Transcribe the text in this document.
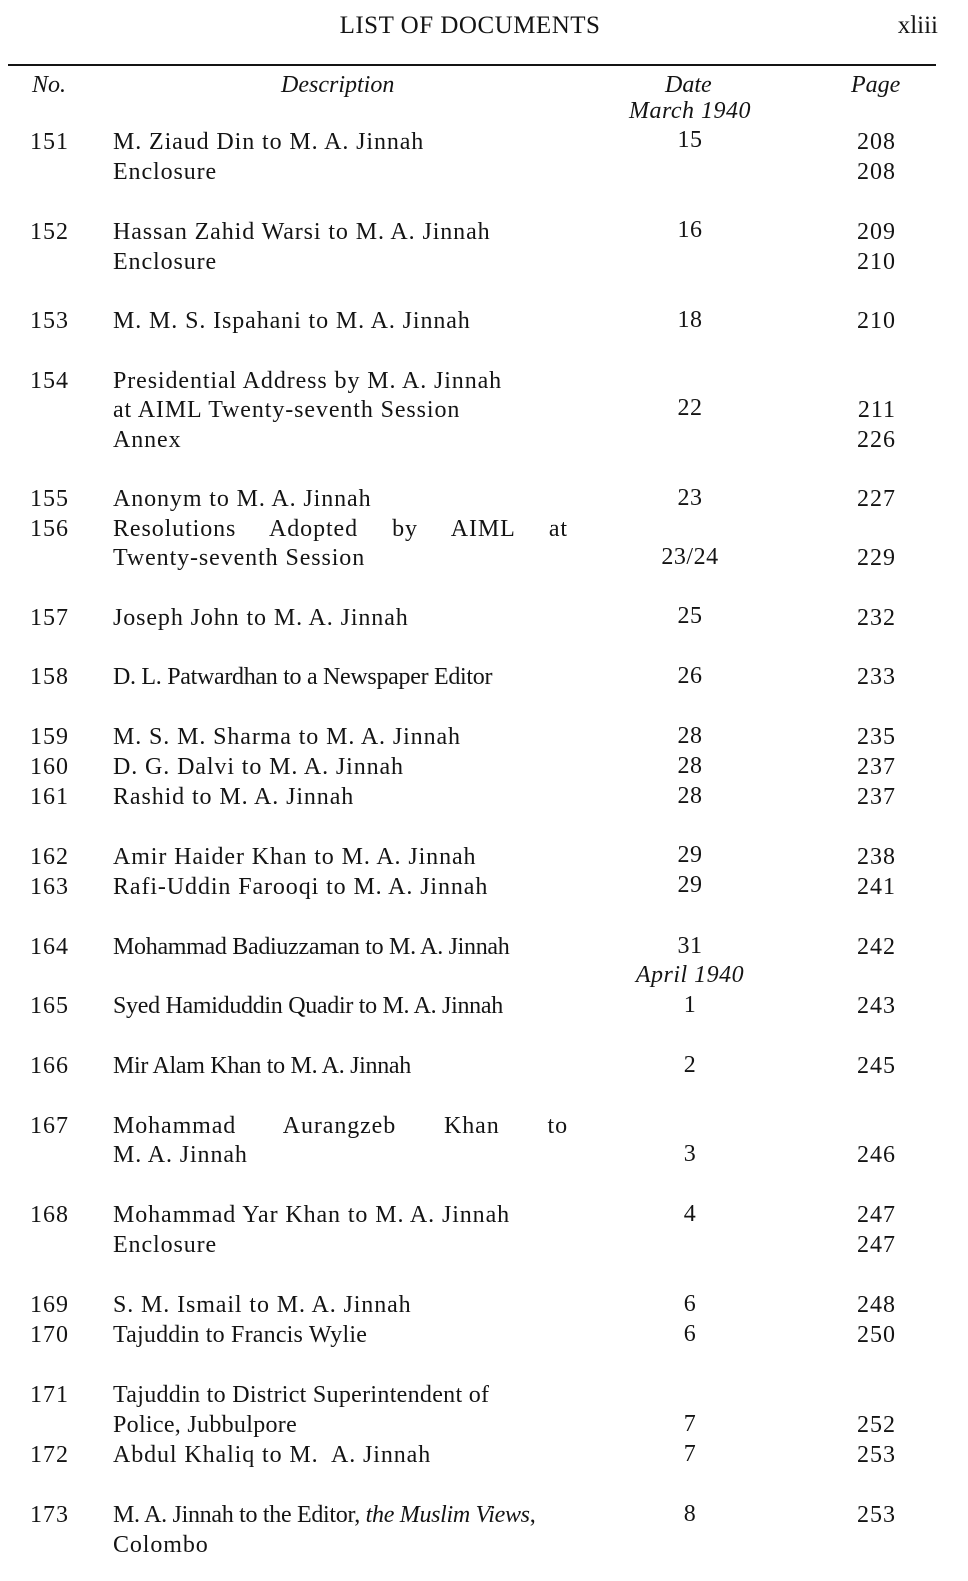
LIST OF DOCUMENTS	xliii
No.	Description	Date	Page
March 1940
151	M. Ziaud Din to M. A. Jinnah	15	208
Enclosure	208
152	Hassan Zahid Warsi to M. A. Jinnah	16	209
Enclosure	210
153	M. M. S. Ispahani to M. A. Jinnah	18	210
154	Presidential Address by M. A. Jinnah
at AIML Twenty-seventh Session	22	211
Annex	226
155	Anonym to M. A. Jinnah	23	227
156	Resolutions Adopted by AIML at
Twenty-seventh Session	23/24	229
157	Joseph John to M. A. Jinnah	25	232
158	D. L. Patwardhan to a Newspaper Editor	26	233
159	M. S. M. Sharma to M. A. Jinnah	28	235
160	D. G. Dalvi to M. A. Jinnah	28	237
161	Rashid to M. A. Jinnah	28	237
162	Amir Haider Khan to M. A. Jinnah	29	238
163	Rafi-Uddin Farooqi to M. A. Jinnah	29	241
164	Mohammad Badiuzzaman to M. A. Jinnah	31	242
April 1940
165	Syed Hamiduddin Quadir to M. A. Jinnah	1	243
166	Mir Alam Khan to M. A. Jinnah	2	245
167	Mohammad Aurangzeb Khan to
M. A. Jinnah	3	246
168	Mohammad Yar Khan to M. A. Jinnah	4	247
Enclosure	247
169	S. M. Ismail to M. A. Jinnah	6	248
170	Tajuddin to Francis Wylie	6	250
171	Tajuddin to District Superintendent of
Police, Jubbulpore	7	252
172	Abdul Khaliq to M.  A. Jinnah	7	253
173	M. A. Jinnah to the Editor, the Muslim Views,	8	253
Colombo
